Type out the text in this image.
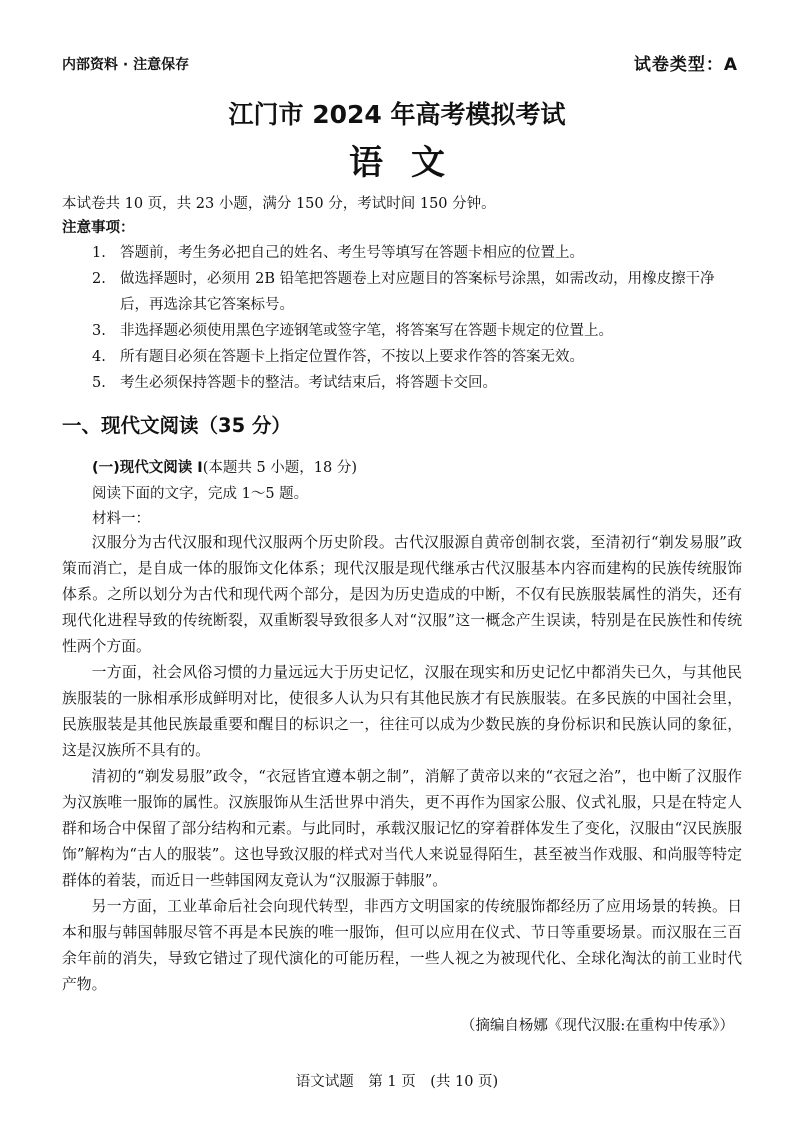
内部资料 · 注意保存	试卷类型：A
江门市 2024 年高考模拟考试
语文
本试卷共 10 页，共 23 小题，满分 150 分，考试时间 150 分钟。
注意事项：
1. 答题前，考生务必把自己的姓名、考生号等填写在答题卡相应的位置上。
2. 做选择题时，必须用 2B 铅笔把答题卷上对应题目的答案标号涂黑，如需改动，用橡皮擦干净后，再选涂其它答案标号。
3. 非选择题必须使用黑色字迹钢笔或签字笔，将答案写在答题卡规定的位置上。
4. 所有题目必须在答题卡上指定位置作答，不按以上要求作答的答案无效。
5. 考生必须保持答题卡的整洁。考试结束后，将答题卡交回。
一、现代文阅读（35 分）
(一)现代文阅读 I(本题共 5 小题，18 分)
阅读下面的文字，完成 1～5 题。
材料一：

汉服分为古代汉服和现代汉服两个历史阶段。古代汉服源自黄帝创制衣裳，至清初行“剃发易服”政策而消亡，是自成一体的服饰文化体系；现代汉服是现代继承古代汉服基本内容而建构的民族传统服饰体系。之所以划分为古代和现代两个部分，是因为历史造成的中断，不仅有民族服装属性的消失，还有现代化进程导致的传统断裂，双重断裂导致很多人对“汉服”这一概念产生误读，特别是在民族性和传统性两个方面。

一方面，社会风俗习惯的力量远远大于历史记忆，汉服在现实和历史记忆中都消失已久，与其他民族服装的一脉相承形成鲜明对比，使很多人认为只有其他民族才有民族服装。在多民族的中国社会里，民族服装是其他民族最重要和醒目的标识之一，往往可以成为少数民族的身份标识和民族认同的象征，这是汉族所不具有的。

清初的“剃发易服”政令，“衣冠皆宜遵本朝之制”，消解了黄帝以来的“衣冠之治”，也中断了汉服作为汉族唯一服饰的属性。汉族服饰从生活世界中消失，更不再作为国家公服、仪式礼服，只是在特定人群和场合中保留了部分结构和元素。与此同时，承载汉服记忆的穿着群体发生了变化，汉服由“汉民族服饰”解构为“古人的服装”。这也导致汉服的样式对当代人来说显得陌生，甚至被当作戏服、和尚服等特定群体的着装，而近日一些韩国网友竟认为“汉服源于韩服”。

另一方面，工业革命后社会向现代转型，非西方文明国家的传统服饰都经历了应用场景的转换。日本和服与韩国韩服尽管不再是本民族的唯一服饰，但可以应用在仪式、节日等重要场景。而汉服在三百余年前的消失，导致它错过了现代演化的可能历程，一些人视之为被现代化、全球化淘汰的前工业时代产物。

（摘编自杨娜《现代汉服:在重构中传承》）
语文试题　第 1 页　(共 10 页)
